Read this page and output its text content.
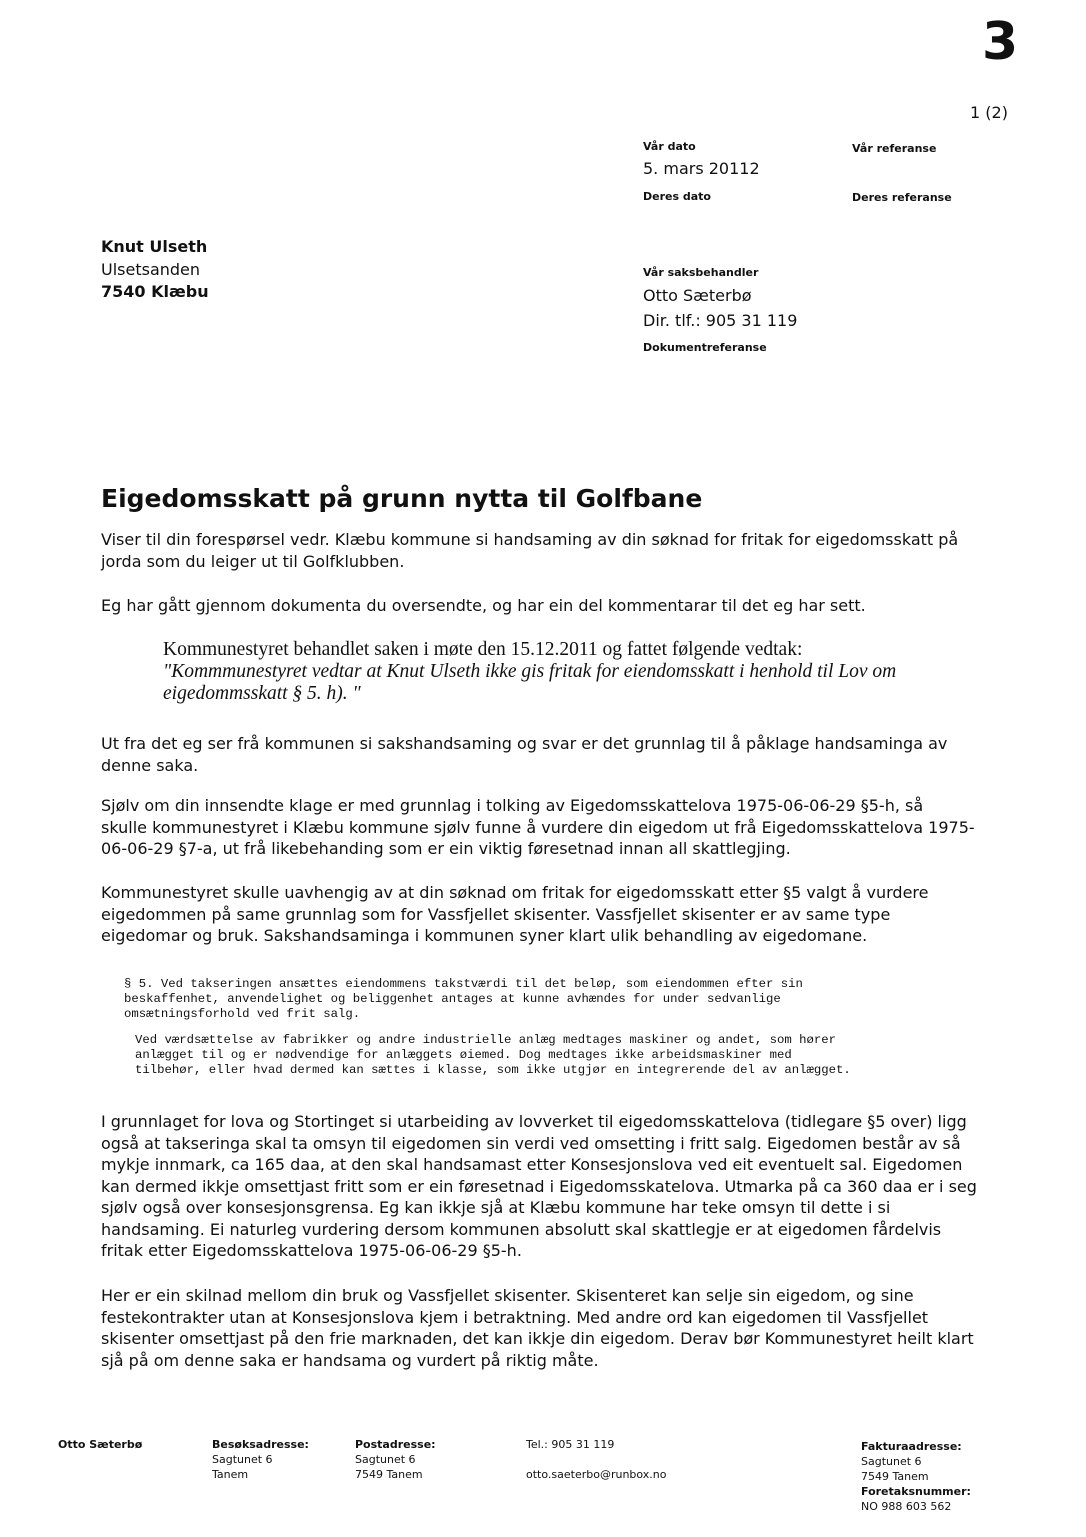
3
1 (2)
Vår dato
5. mars 20112
Deres dato
Vår referanse
Deres referanse
Knut Ulseth
Ulsetsanden
7540 Klæbu
Vår saksbehandler
Otto Sæterbø
Dir. tlf.: 905 31 119
Dokumentreferanse
Eigedomsskatt på grunn nytta til Golfbane
Viser til din forespørsel vedr. Klæbu kommune si handsaming av din søknad for fritak for eigedomsskatt på
jorda som du leiger ut til Golfklubben.
Eg har gått gjennom dokumenta du oversendte, og har ein del kommentarar til det eg har sett.
Kommunestyret behandlet saken i møte den 15.12.2011 og fattet følgende vedtak:
"Kommmunestyret vedtar at Knut Ulseth ikke gis fritak for eiendomsskatt i henhold til Lov om
eigedommsskatt § 5. h). "
Ut fra det eg ser frå kommunen si sakshandsaming og svar er det grunnlag til å påklage handsaminga av
denne saka.
Sjølv om din innsendte klage er med grunnlag i tolking av Eigedomsskattelova 1975-06-06-29 §5-h, så
skulle kommunestyret i Klæbu kommune sjølv funne å vurdere din eigedom ut frå Eigedomsskattelova 1975-
06-06-29 §7-a, ut frå likebehanding som er ein viktig føresetnad innan all skattlegjing.
Kommunestyret skulle uavhengig av at din søknad om fritak for eigedomsskatt etter §5 valgt å vurdere
eigedommen på same grunnlag som for Vassfjellet skisenter. Vassfjellet skisenter er av same type
eigedomar og bruk. Sakshandsaminga i kommunen syner klart ulik behandling av eigedomane.
§ 5. Ved takseringen ansættes eiendommens takstværdi til det beløp, som eiendommen efter sin
beskaffenhet, anvendelighet og beliggenhet antages at kunne avhændes for under sedvanlige
omsætningsforhold ved frit salg.
Ved værdsættelse av fabrikker og andre industrielle anlæg medtages maskiner og andet, som hører
anlægget til og er nødvendige for anlæggets øiemed. Dog medtages ikke arbeidsmaskiner med
tilbehør, eller hvad dermed kan sættes i klasse, som ikke utgjør en integrerende del av anlægget.
I grunnlaget for lova og Stortinget si utarbeiding av lovverket til eigedomsskattelova (tidlegare §5 over) ligg
også at takseringa skal ta omsyn til eigedomen sin verdi ved omsetting i fritt salg. Eigedomen består av så
mykje innmark, ca 165 daa, at den skal handsamast etter Konsesjonslova ved eit eventuelt sal. Eigedomen
kan dermed ikkje omsettjast fritt som er ein føresetnad i Eigedomsskatelova. Utmarka på ca 360 daa er i seg
sjølv også over konsesjonsgrensa. Eg kan ikkje sjå at Klæbu kommune har teke omsyn til dette i si
handsaming. Ei naturleg vurdering dersom kommunen absolutt skal skattlegje er at eigedomen fårdelvis
fritak etter Eigedomsskattelova 1975-06-06-29 §5-h.
Her er ein skilnad mellom din bruk og Vassfjellet skisenter. Skisenteret kan selje sin eigedom, og sine
festekontrakter utan at Konsesjonslova kjem i betraktning. Med andre ord kan eigedomen til Vassfjellet
skisenter omsettjast på den frie marknaden, det kan ikkje din eigedom. Derav bør Kommunestyret heilt klart
sjå på om denne saka er handsama og vurdert på riktig måte.
Otto Sæterbø	Besøksadresse:
Sagtunet 6
Tanem
Postadresse:
Sagtunet 6
7549 Tanem
Tel.: 905 31 119
otto.saeterbo@runbox.no
Fakturaadresse:
Sagtunet 6
7549 Tanem
Foretaksnummer:
NO 988 603 562
